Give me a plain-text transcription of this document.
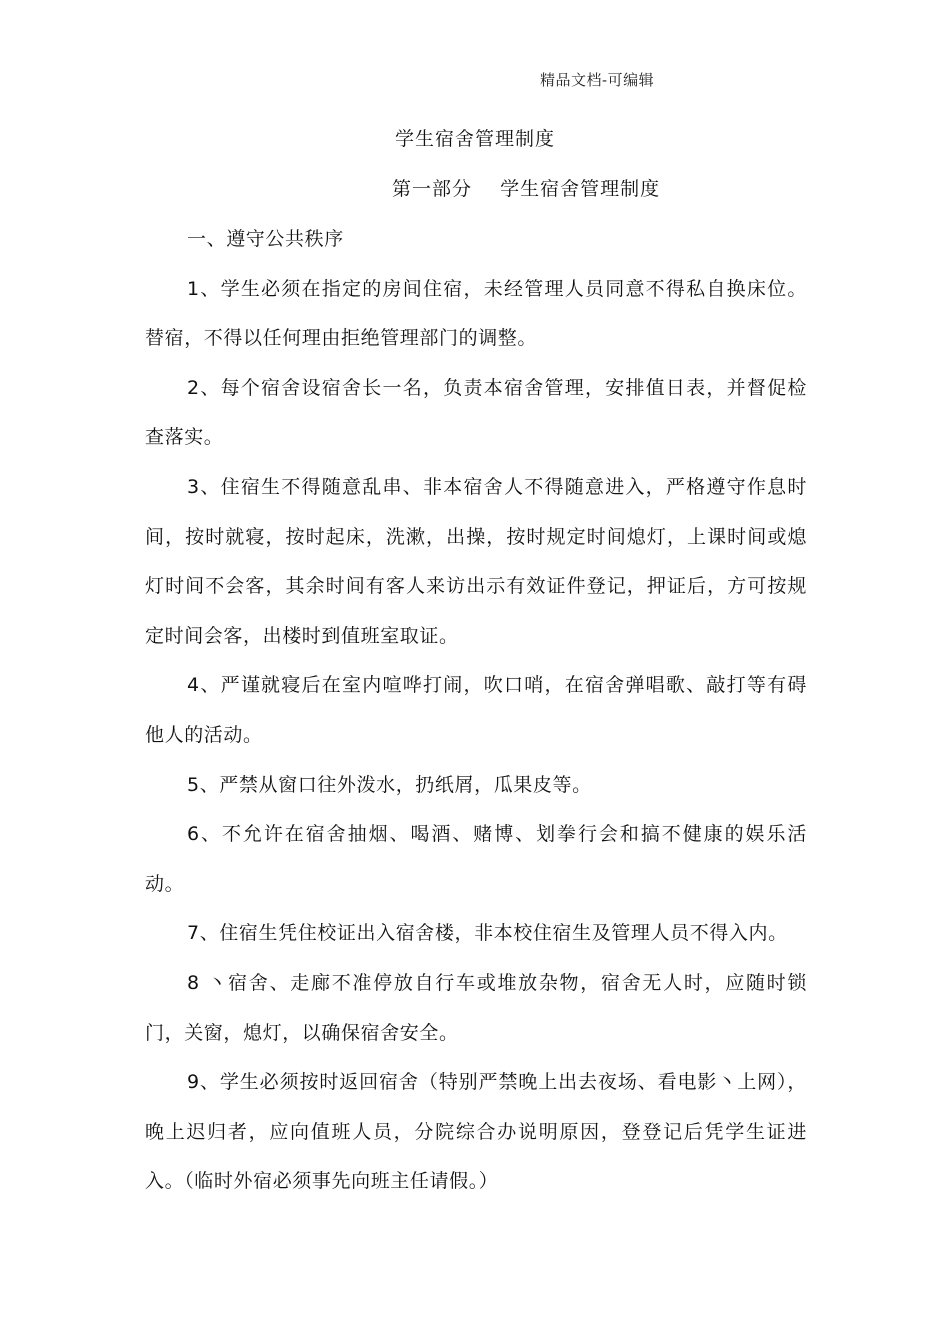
精品文档-可编辑
学生宿舍管理制度
第一部分    学生宿舍管理制度

一、遵守公共秩序

1、学生必须在指定的房间住宿，未经管理人员同意不得私自换床位。替宿，不得以任何理由拒绝管理部门的调整。

2、每个宿舍设宿舍长一名，负责本宿舍管理，安排值日表，并督促检查落实。

3、住宿生不得随意乱串、非本宿舍人不得随意进入，严格遵守作息时间，按时就寝，按时起床，洗漱，出操，按时规定时间熄灯，上课时间或熄灯时间不会客，其余时间有客人来访出示有效证件登记，押证后，方可按规定时间会客，出楼时到值班室取证。

4、严谨就寝后在室内喧哗打闹，吹口哨，在宿舍弹唱歌、敲打等有碍他人的活动。

5、严禁从窗口往外泼水，扔纸屑，瓜果皮等。

6、不允许在宿舍抽烟、喝酒、赌博、划拳行会和搞不健康的娱乐活动。

7、住宿生凭住校证出入宿舍楼，非本校住宿生及管理人员不得入内。

8 丶宿舍、走廊不准停放自行车或堆放杂物，宿舍无人时，应随时锁门，关窗，熄灯，以确保宿舍安全。

9、学生必须按时返回宿舍（特别严禁晚上出去夜场、看电影丶上网），晚上迟归者，应向值班人员，分院综合办说明原因，登登记后凭学生证进入。（临时外宿必须事先向班主任请假。）
